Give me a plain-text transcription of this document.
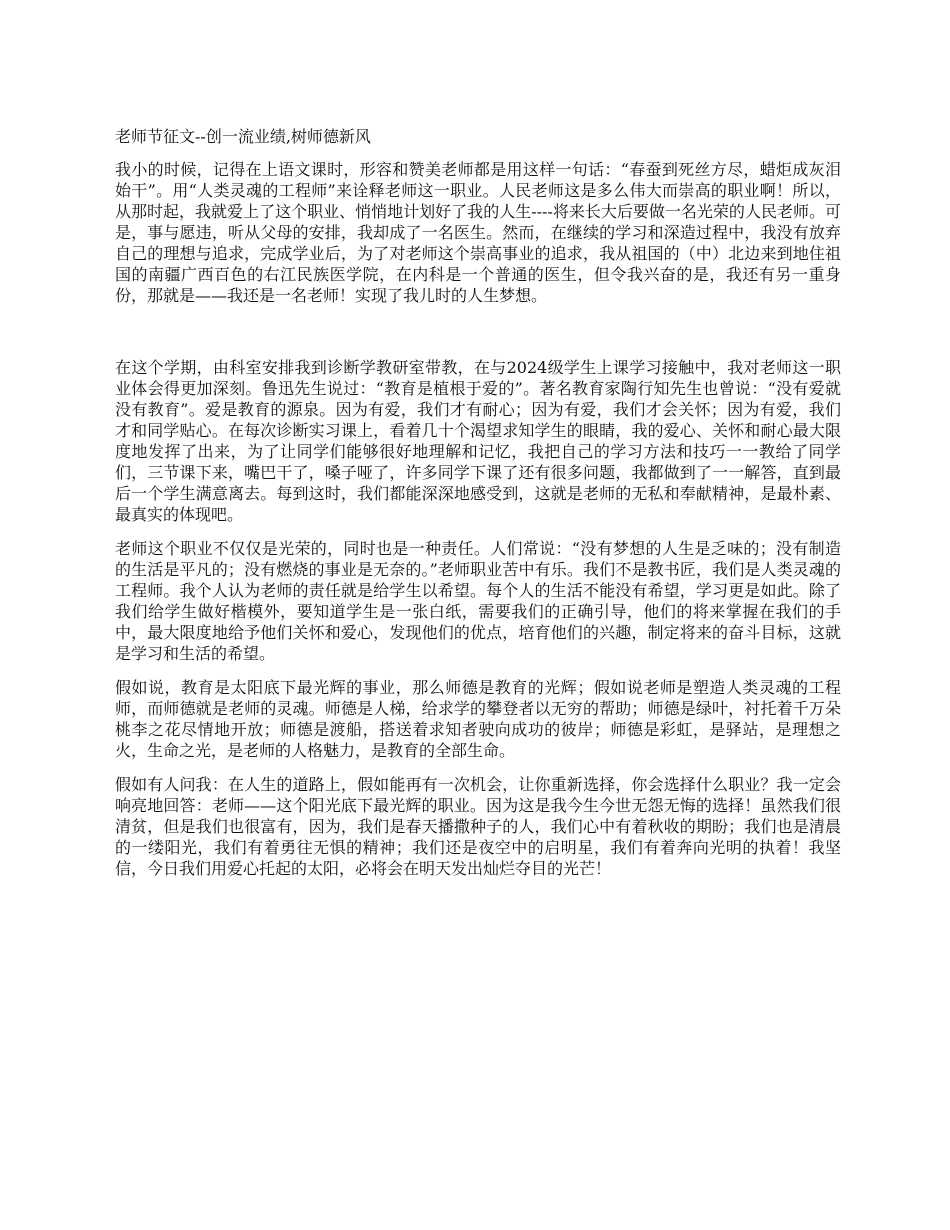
老师节征文--创一流业绩,树师德新风

我小的时候，记得在上语文课时，形容和赞美老师都是用这样一句话：“春蚕到死丝方尽，蜡炬成灰泪始干”。用“人类灵魂的工程师”来诠释老师这一职业。人民老师这是多么伟大而崇高的职业啊！所以，从那时起，我就爱上了这个职业、悄悄地计划好了我的人生----将来长大后要做一名光荣的人民老师。可是，事与愿违，听从父母的安排，我却成了一名医生。然而，在继续的学习和深造过程中，我没有放弃自己的理想与追求，完成学业后，为了对老师这个崇高事业的追求，我从祖国的（中）北边来到地住祖国的南疆广西百色的右江民族医学院，在内科是一个普通的医生，但令我兴奋的是，我还有另一重身份，那就是——我还是一名老师！实现了我儿时的人生梦想。

在这个学期，由科室安排我到诊断学教研室带教，在与2024级学生上课学习接触中，我对老师这一职业体会得更加深刻。鲁迅先生说过：“教育是植根于爱的”。著名教育家陶行知先生也曾说：“没有爱就没有教育”。爱是教育的源泉。因为有爱，我们才有耐心；因为有爱，我们才会关怀；因为有爱，我们才和同学贴心。在每次诊断实习课上，看着几十个渴望求知学生的眼睛，我的爱心、关怀和耐心最大限度地发挥了出来，为了让同学们能够很好地理解和记忆，我把自己的学习方法和技巧一一教给了同学们，三节课下来，嘴巴干了，嗓子哑了，许多同学下课了还有很多问题，我都做到了一一解答，直到最后一个学生满意离去。每到这时，我们都能深深地感受到，这就是老师的无私和奉献精神，是最朴素、最真实的体现吧。

老师这个职业不仅仅是光荣的，同时也是一种责任。人们常说：“没有梦想的人生是乏味的；没有制造的生活是平凡的；没有燃烧的事业是无奈的。”老师职业苦中有乐。我们不是教书匠，我们是人类灵魂的工程师。我个人认为老师的责任就是给学生以希望。每个人的生活不能没有希望，学习更是如此。除了我们给学生做好楷模外，要知道学生是一张白纸，需要我们的正确引导，他们的将来掌握在我们的手中，最大限度地给予他们关怀和爱心，发现他们的优点，培育他们的兴趣，制定将来的奋斗目标，这就是学习和生活的希望。

假如说，教育是太阳底下最光辉的事业，那么师德是教育的光辉；假如说老师是塑造人类灵魂的工程师，而师德就是老师的灵魂。师德是人梯，给求学的攀登者以无穷的帮助；师德是绿叶，衬托着千万朵桃李之花尽情地开放；师德是渡船，搭送着求知者驶向成功的彼岸；师德是彩虹，是驿站，是理想之火，生命之光，是老师的人格魅力，是教育的全部生命。

假如有人问我：在人生的道路上，假如能再有一次机会，让你重新选择，你会选择什么职业？我一定会响亮地回答：老师——这个阳光底下最光辉的职业。因为这是我今生今世无怨无悔的选择！虽然我们很清贫，但是我们也很富有，因为，我们是春天播撒种子的人，我们心中有着秋收的期盼；我们也是清晨的一缕阳光，我们有着勇往无惧的精神；我们还是夜空中的启明星，我们有着奔向光明的执着！我坚信，今日我们用爱心托起的太阳，必将会在明天发出灿烂夺目的光芒！
